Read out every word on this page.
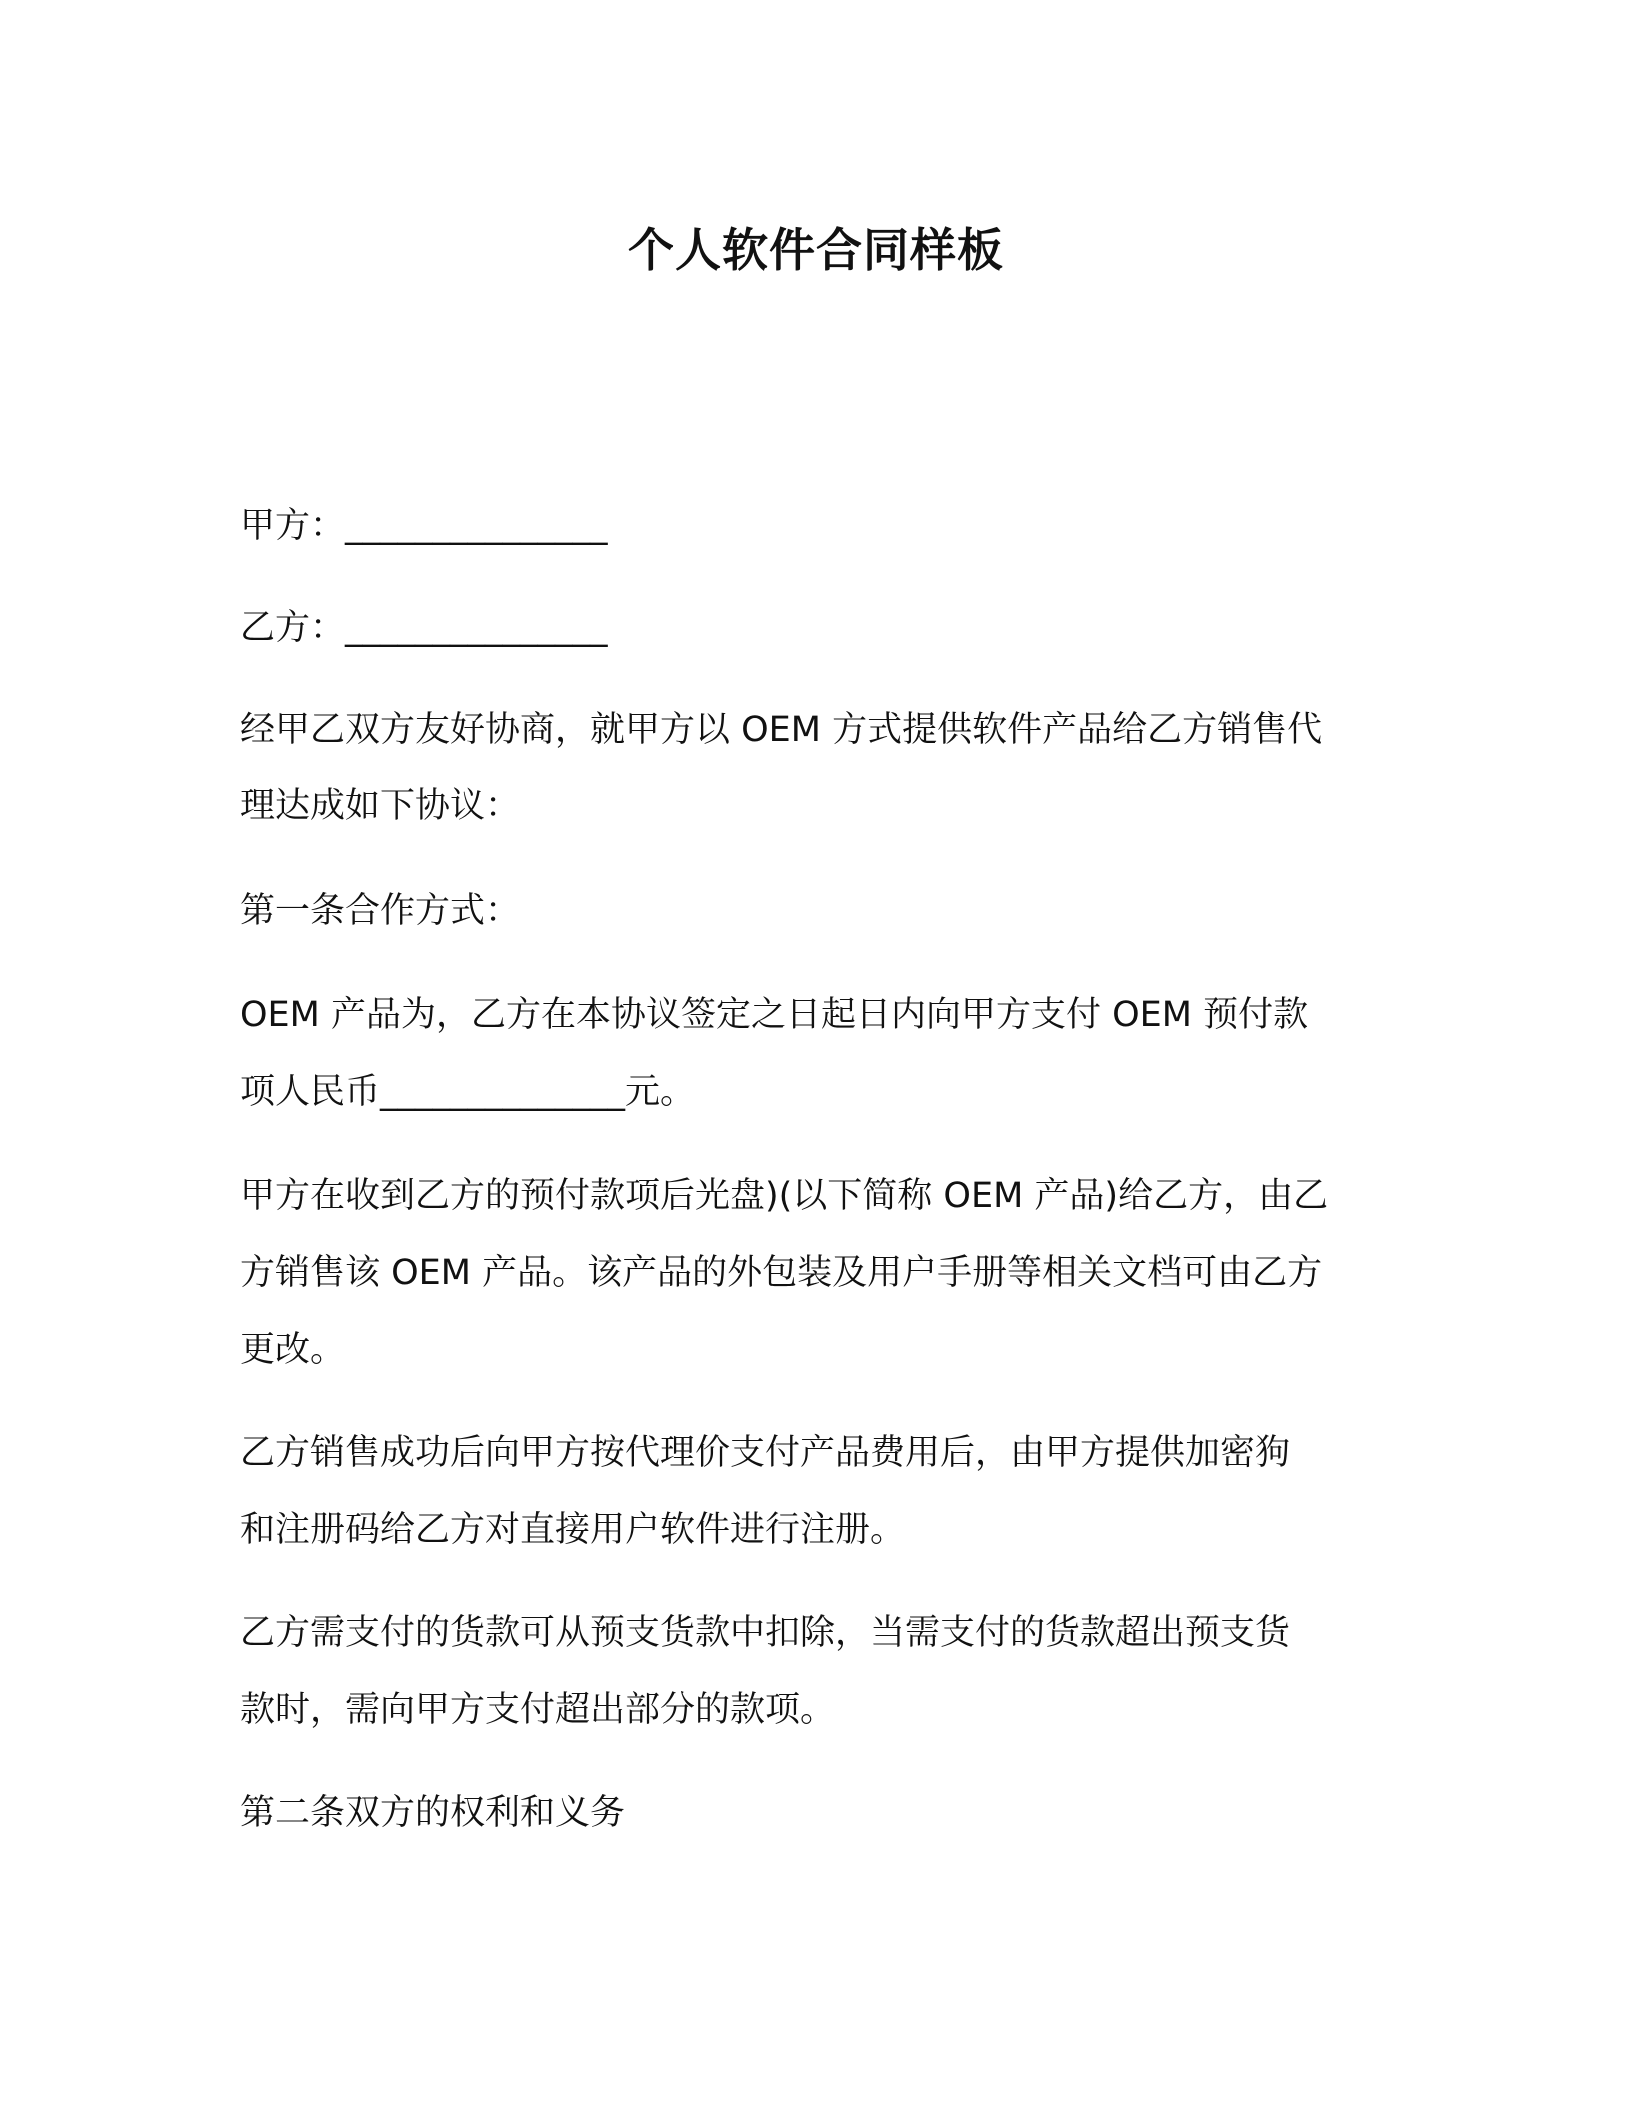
个人软件合同样板

甲方：_______________

乙方：_______________

经甲乙双方友好协商，就甲方以 OEM 方式提供软件产品给乙方销售代

理达成如下协议：

第一条合作方式：

OEM 产品为，乙方在本协议签定之日起日内向甲方支付 OEM 预付款

项人民币______________元。

甲方在收到乙方的预付款项后光盘)(以下简称 OEM 产品)给乙方，由乙

方销售该 OEM 产品。该产品的外包装及用户手册等相关文档可由乙方

更改。

乙方销售成功后向甲方按代理价支付产品费用后，由甲方提供加密狗

和注册码给乙方对直接用户软件进行注册。

乙方需支付的货款可从预支货款中扣除，当需支付的货款超出预支货

款时，需向甲方支付超出部分的款项。

第二条双方的权利和义务
